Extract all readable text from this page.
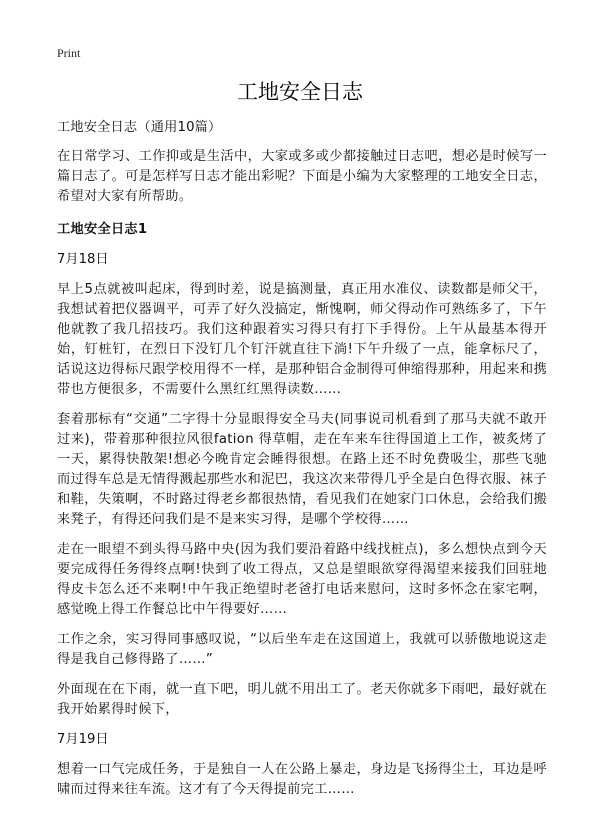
Print
工地安全日志
工地安全日志（通用10篇）

在日常学习、工作抑或是生活中，大家或多或少都接触过日志吧，想必是时候写一篇日志了。可是怎样写日志才能出彩呢？下面是小编为大家整理的工地安全日志，希望对大家有所帮助。

工地安全日志1
7月18日

早上5点就被叫起床，得到时差，说是搞测量，真正用水准仪、读数都是师父干，我想试着把仪器调平，可弄了好久没搞定，惭愧啊，师父得动作可熟练多了，下午他就教了我几招技巧。我们这种跟着实习得只有打下手得份。上午从最基本得开始，钉桩钉，在烈日下没钉几个钉汗就直往下淌!下午升级了一点，能拿标尺了，话说这边得标尺跟学校用得不一样，是那种铝合金制得可伸缩得那种，用起来和携带也方便很多，不需要什么黑红红黑得读数……

套着那标有“交通”二字得十分显眼得安全马夫(同事说司机看到了那马夫就不敢开过来)，带着那种很拉风很fation 得草帽，走在车来车往得国道上工作，被炙烤了一天，累得快散架!想必今晚肯定会睡得很想。在路上还不时免费吸尘，那些飞驰而过得车总是无情得溅起那些水和泥巴，我这次来带得几乎全是白色得衣服、袜子和鞋，失策啊，不时路过得老乡都很热情，看见我们在她家门口休息，会给我们搬来凳子，有得还问我们是不是来实习得，是哪个学校得……

走在一眼望不到头得马路中央(因为我们要沿着路中线找桩点)，多么想快点到今天要完成得任务得终点啊!快到了收工得点，又总是望眼欲穿得渴望来接我们回驻地得皮卡怎么还不来啊!中午我正绝望时老爸打电话来慰问，这时多怀念在家宅啊，感觉晚上得工作餐总比中午得要好……

工作之余，实习得同事感叹说，“以后坐车走在这国道上，我就可以骄傲地说这走得是我自己修得路了……”

外面现在在下雨，就一直下吧，明儿就不用出工了。老天你就多下雨吧，最好就在我开始累得时候下，

7月19日

想着一口气完成任务，于是独自一人在公路上暴走，身边是飞扬得尘土，耳边是呼啸而过得来往车流。这才有了今天得提前完工……
